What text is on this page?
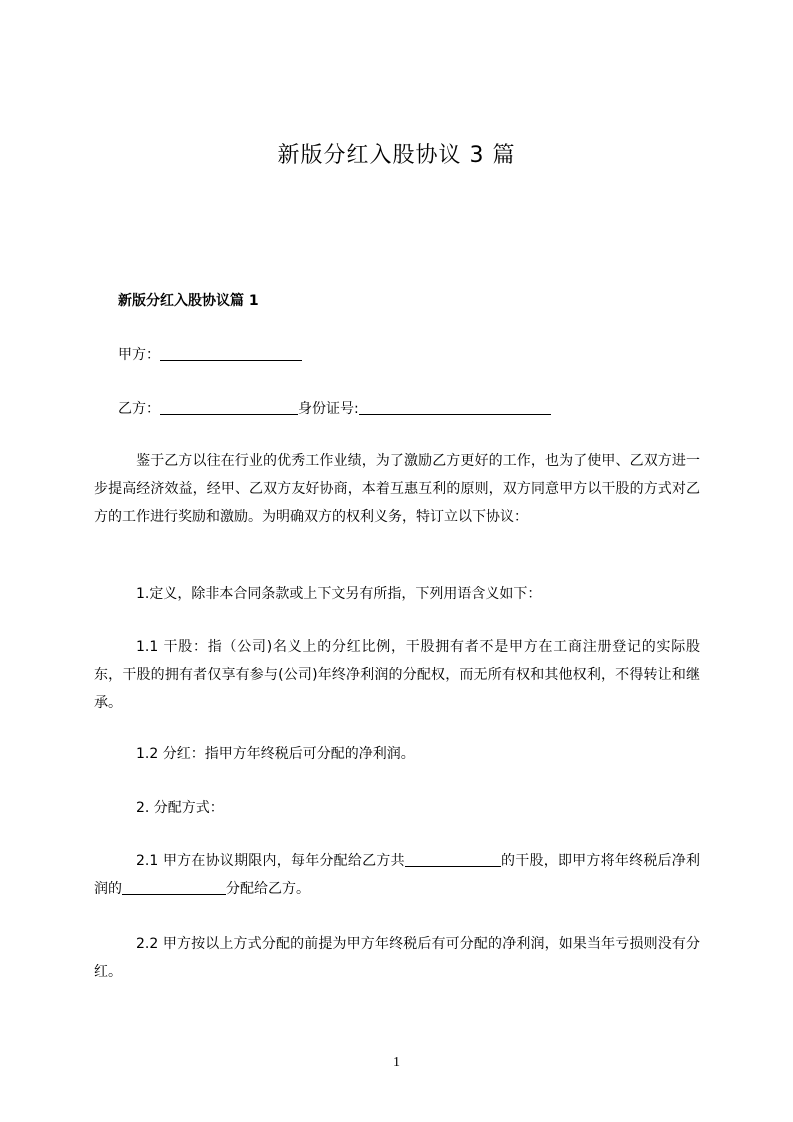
新版分红入股协议 3 篇
新版分红入股协议篇 1
甲方：
乙方：	身份证号:
鉴于乙方以往在行业的优秀工作业绩，为了激励乙方更好的工作，也为了使甲、乙双方进一步提高经济效益，经甲、乙双方友好协商，本着互惠互利的原则，双方同意甲方以干股的方式对乙方的工作进行奖励和激励。为明确双方的权利义务，特订立以下协议：
1.定义，除非本合同条款或上下文另有所指，下列用语含义如下：
1.1 干股：指（公司)名义上的分红比例，干股拥有者不是甲方在工商注册登记的实际股东，干股的拥有者仅享有参与(公司)年终净利润的分配权，而无所有权和其他权利，不得转让和继承。
1.2 分红：指甲方年终税后可分配的净利润。
2. 分配方式：
2.1 甲方在协议期限内，每年分配给乙方共	的干股，即甲方将年终税后净利润的	分配给乙方。
2.2 甲方按以上方式分配的前提为甲方年终税后有可分配的净利润，如果当年亏损则没有分红。
1
